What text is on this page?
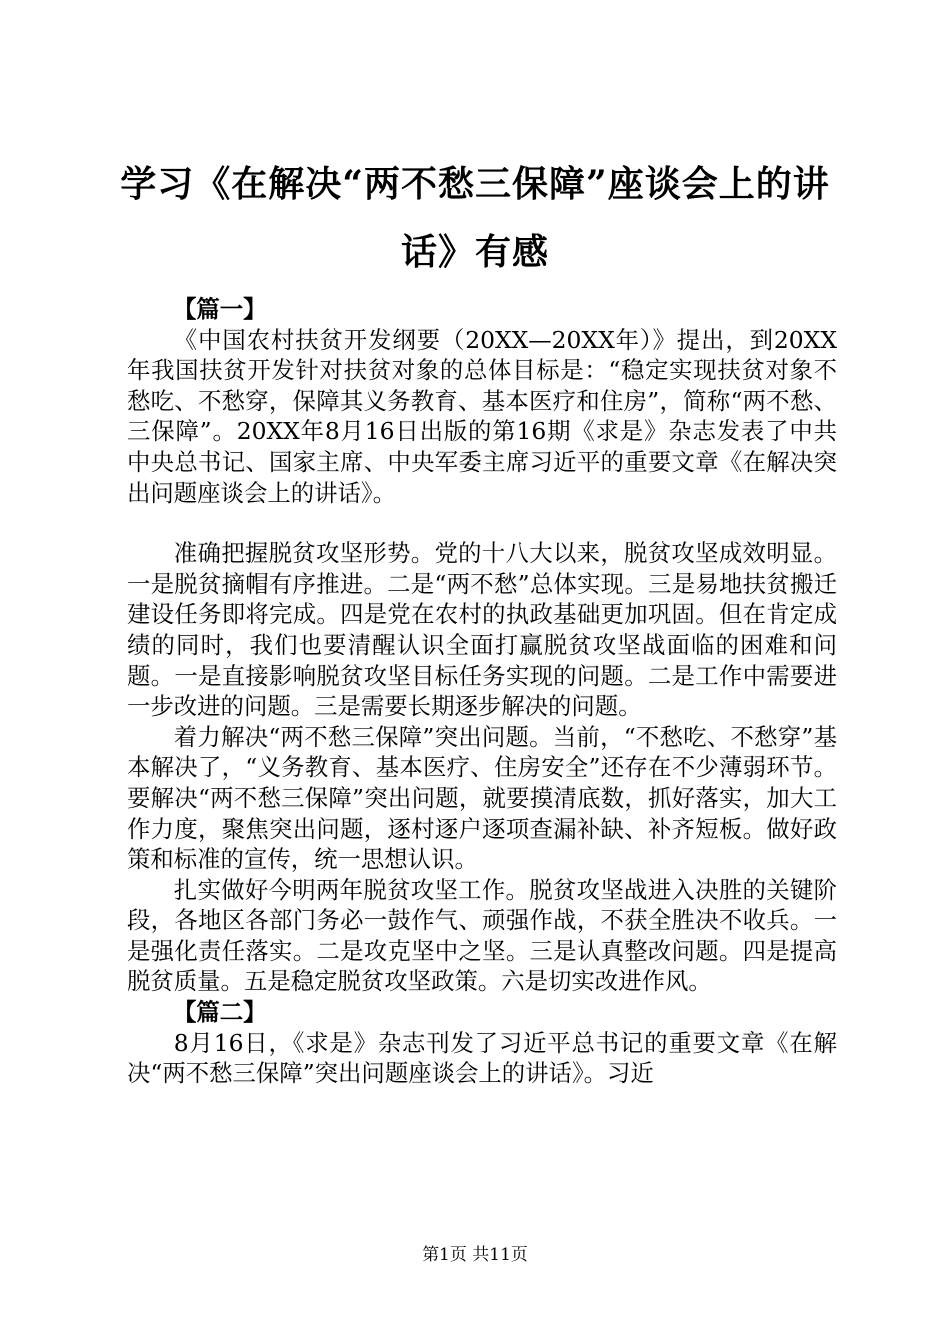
学习《在解决“两不愁三保障”座谈会上的讲话》有感

【篇一】

《中国农村扶贫开发纲要（20XX—20XX年）》提出，到20XX年我国扶贫开发针对扶贫对象的总体目标是：“稳定实现扶贫对象不愁吃、不愁穿，保障其义务教育、基本医疗和住房”，简称“两不愁、三保障”。20XX年8月16日出版的第16期《求是》杂志发表了中共中央总书记、国家主席、中央军委主席习近平的重要文章《在解决突出问题座谈会上的讲话》。

准确把握脱贫攻坚形势。党的十八大以来，脱贫攻坚成效明显。一是脱贫摘帽有序推进。二是“两不愁”总体实现。三是易地扶贫搬迁建设任务即将完成。四是党在农村的执政基础更加巩固。但在肯定成绩的同时，我们也要清醒认识全面打赢脱贫攻坚战面临的困难和问题。一是直接影响脱贫攻坚目标任务实现的问题。二是工作中需要进一步改进的问题。三是需要长期逐步解决的问题。

着力解决“两不愁三保障”突出问题。当前，“不愁吃、不愁穿”基本解决了，“义务教育、基本医疗、住房安全”还存在不少薄弱环节。要解决“两不愁三保障”突出问题，就要摸清底数，抓好落实，加大工作力度，聚焦突出问题，逐村逐户逐项查漏补缺、补齐短板。做好政策和标准的宣传，统一思想认识。

扎实做好今明两年脱贫攻坚工作。脱贫攻坚战进入决胜的关键阶段，各地区各部门务必一鼓作气、顽强作战，不获全胜决不收兵。一是强化责任落实。二是攻克坚中之坚。三是认真整改问题。四是提高脱贫质量。五是稳定脱贫攻坚政策。六是切实改进作风。

【篇二】

8月16日，《求是》杂志刊发了习近平总书记的重要文章《在解决“两不愁三保障”突出问题座谈会上的讲话》。习近

第1页 共11页
